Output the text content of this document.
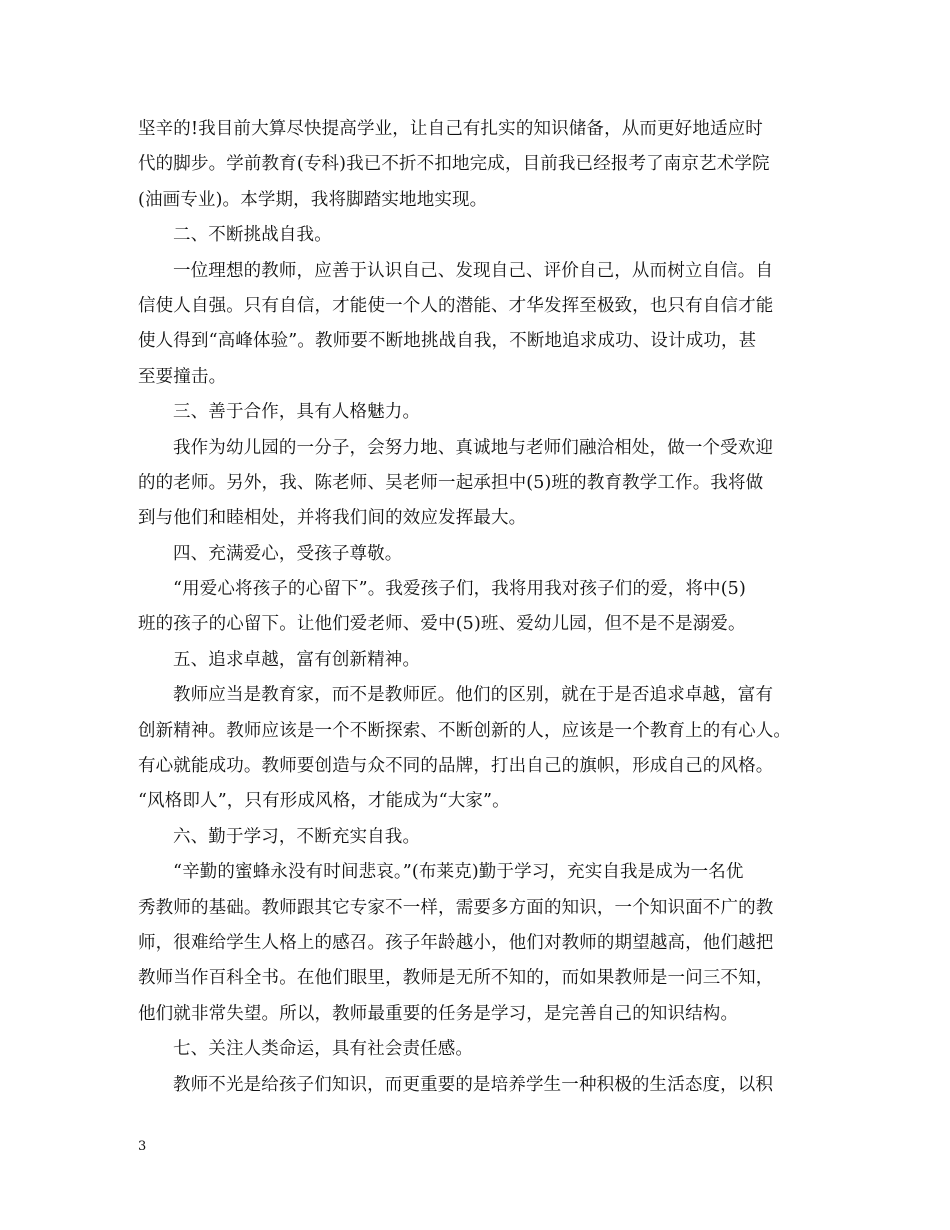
坚辛的!我目前大算尽快提高学业，让自己有扎实的知识储备，从而更好地适应时
代的脚步。学前教育(专科)我已不折不扣地完成，目前我已经报考了南京艺术学院
(油画专业)。本学期，我将脚踏实地地实现。
二、不断挑战自我。
一位理想的教师，应善于认识自己、发现自己、评价自己，从而树立自信。自
信使人自强。只有自信，才能使一个人的潜能、才华发挥至极致，也只有自信才能
使人得到“高峰体验”。教师要不断地挑战自我，不断地追求成功、设计成功，甚
至要撞击。
三、善于合作，具有人格魅力。
我作为幼儿园的一分子，会努力地、真诚地与老师们融洽相处，做一个受欢迎
的的老师。另外，我、陈老师、吴老师一起承担中(5)班的教育教学工作。我将做
到与他们和睦相处，并将我们间的效应发挥最大。
四、充满爱心，受孩子尊敬。
“用爱心将孩子的心留下”。我爱孩子们，我将用我对孩子们的爱，将中(5)
班的孩子的心留下。让他们爱老师、爱中(5)班、爱幼儿园，但不是不是溺爱。
五、追求卓越，富有创新精神。
教师应当是教育家，而不是教师匠。他们的区别，就在于是否追求卓越，富有
创新精神。教师应该是一个不断探索、不断创新的人，应该是一个教育上的有心人。
有心就能成功。教师要创造与众不同的品牌，打出自己的旗帜，形成自己的风格。
“风格即人”，只有形成风格，才能成为“大家”。
六、勤于学习，不断充实自我。
“辛勤的蜜蜂永没有时间悲哀。”(布莱克)勤于学习，充实自我是成为一名优
秀教师的基础。教师跟其它专家不一样，需要多方面的知识，一个知识面不广的教
师，很难给学生人格上的感召。孩子年龄越小，他们对教师的期望越高，他们越把
教师当作百科全书。在他们眼里，教师是无所不知的，而如果教师是一问三不知，
他们就非常失望。所以，教师最重要的任务是学习，是完善自己的知识结构。
七、关注人类命运，具有社会责任感。
教师不光是给孩子们知识，而更重要的是培养学生一种积极的生活态度，以积
3
